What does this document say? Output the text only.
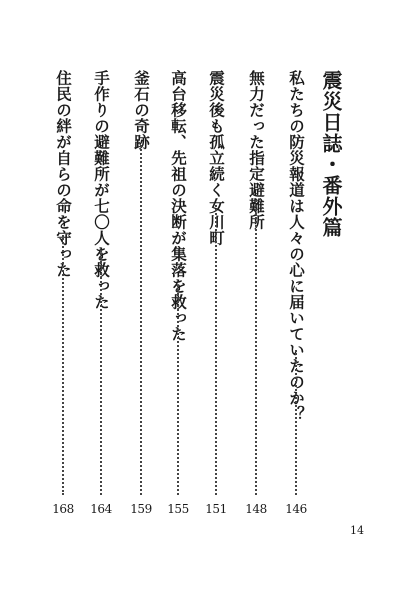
震災日誌・番外篇
私たちの防災報道は人々の心に届いていたのか？
146
無力だった指定避難所
148
震災後も孤立続く女川町
151
高台移転、先祖の決断が集落を救った
155
釜石の奇跡
159
手作りの避難所が七〇人を救った
164
住民の絆が自らの命を守った
168
14
